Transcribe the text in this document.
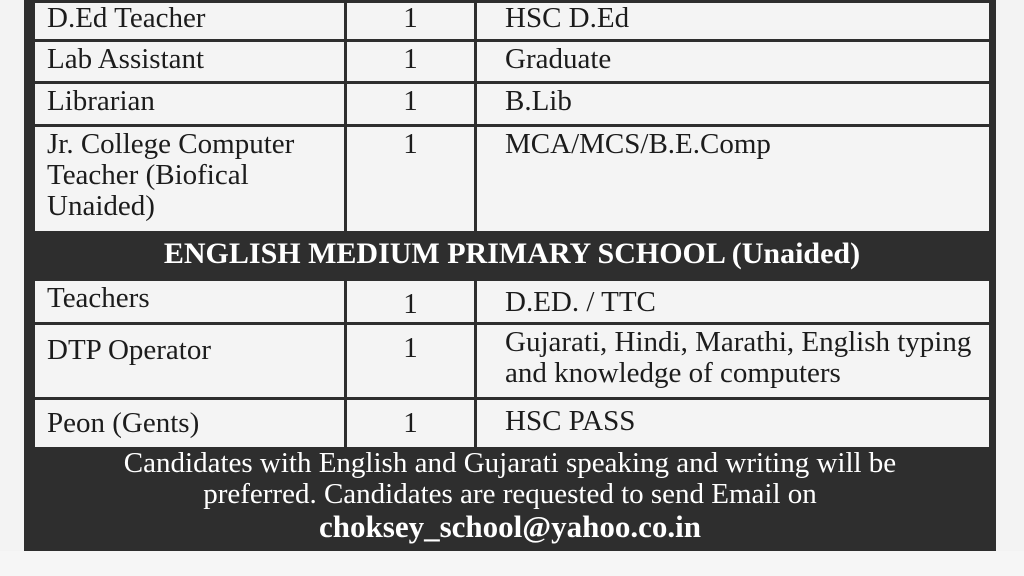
D.Ed Teacher	1	HSC D.Ed
Lab Assistant	1	Graduate
Librarian	1	B.Lib
Jr. College Computer Teacher (Biofical Unaided)	1	MCA/MCS/B.E.Comp
ENGLISH MEDIUM PRIMARY SCHOOL (Unaided)		
Teachers	1	D.ED. / TTC
DTP Operator	1	Gujarati, Hindi, Marathi, English typing and knowledge of computers
Peon (Gents)	1	HSC PASS
Candidates with English and Gujarati speaking and writing will be
preferred. Candidates are requested to send Email on
choksey_school@yahoo.co.in
